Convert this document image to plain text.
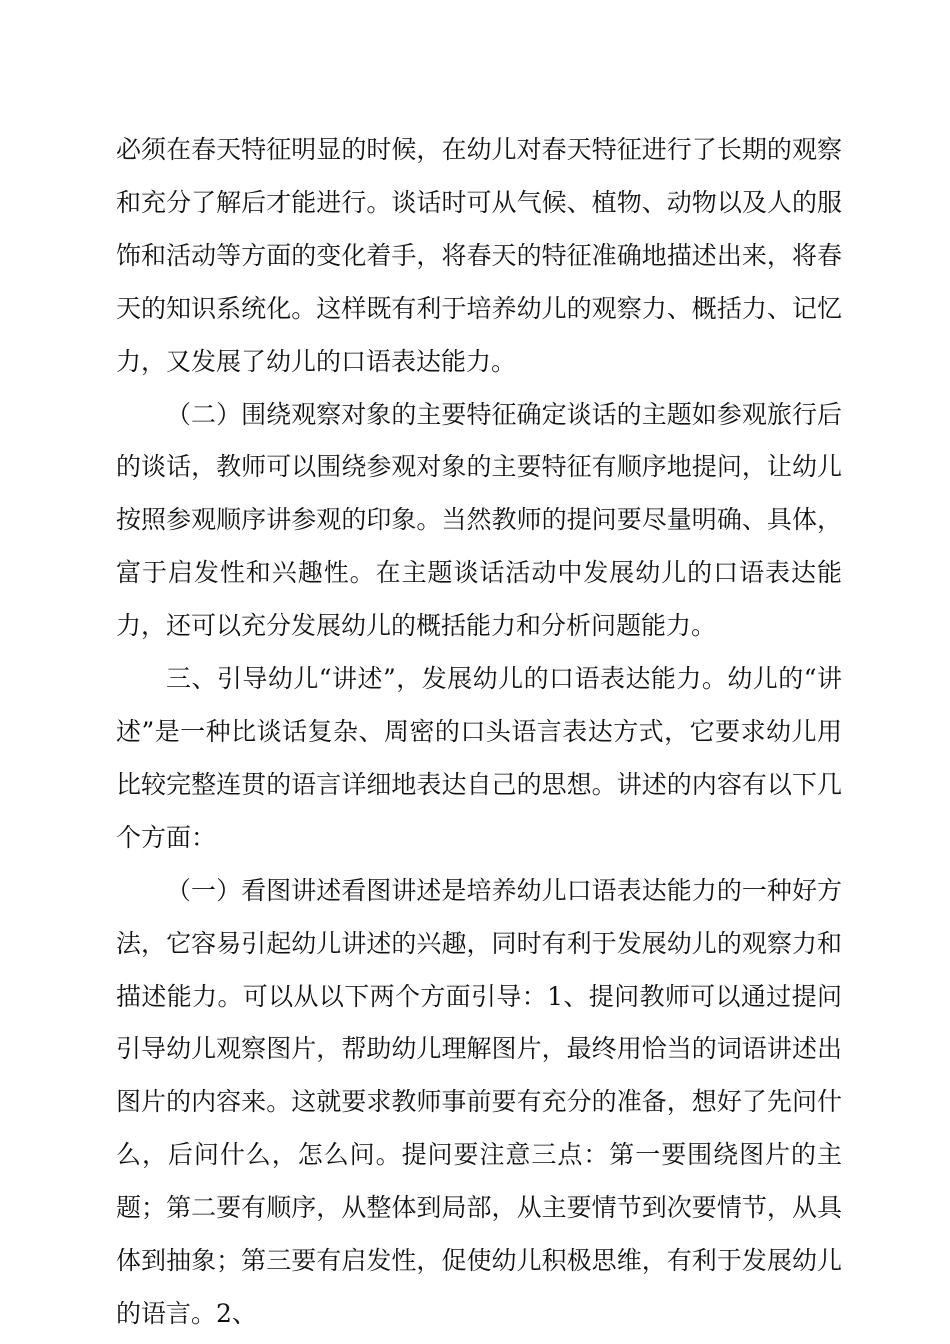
必须在春天特征明显的时候，在幼儿对春天特征进行了长期的观察和充分了解后才能进行。谈话时可从气候、植物、动物以及人的服饰和活动等方面的变化着手，将春天的特征准确地描述出来，将春天的知识系统化。这样既有利于培养幼儿的观察力、概括力、记忆力，又发展了幼儿的口语表达能力。

（二）围绕观察对象的主要特征确定谈话的主题如参观旅行后的谈话，教师可以围绕参观对象的主要特征有顺序地提问，让幼儿按照参观顺序讲参观的印象。当然教师的提问要尽量明确、具体，富于启发性和兴趣性。在主题谈话活动中发展幼儿的口语表达能力，还可以充分发展幼儿的概括能力和分析问题能力。

三、引导幼儿“讲述”，发展幼儿的口语表达能力。幼儿的“讲述”是一种比谈话复杂、周密的口头语言表达方式，它要求幼儿用比较完整连贯的语言详细地表达自己的思想。讲述的内容有以下几个方面：

（一）看图讲述看图讲述是培养幼儿口语表达能力的一种好方法，它容易引起幼儿讲述的兴趣，同时有利于发展幼儿的观察力和描述能力。可以从以下两个方面引导：1、提问教师可以通过提问引导幼儿观察图片，帮助幼儿理解图片，最终用恰当的词语讲述出图片的内容来。这就要求教师事前要有充分的准备，想好了先问什么，后问什么，怎么问。提问要注意三点：第一要围绕图片的主题；第二要有顺序，从整体到局部，从主要情节到次要情节，从具体到抽象；第三要有启发性，促使幼儿积极思维，有利于发展幼儿的语言。2、
